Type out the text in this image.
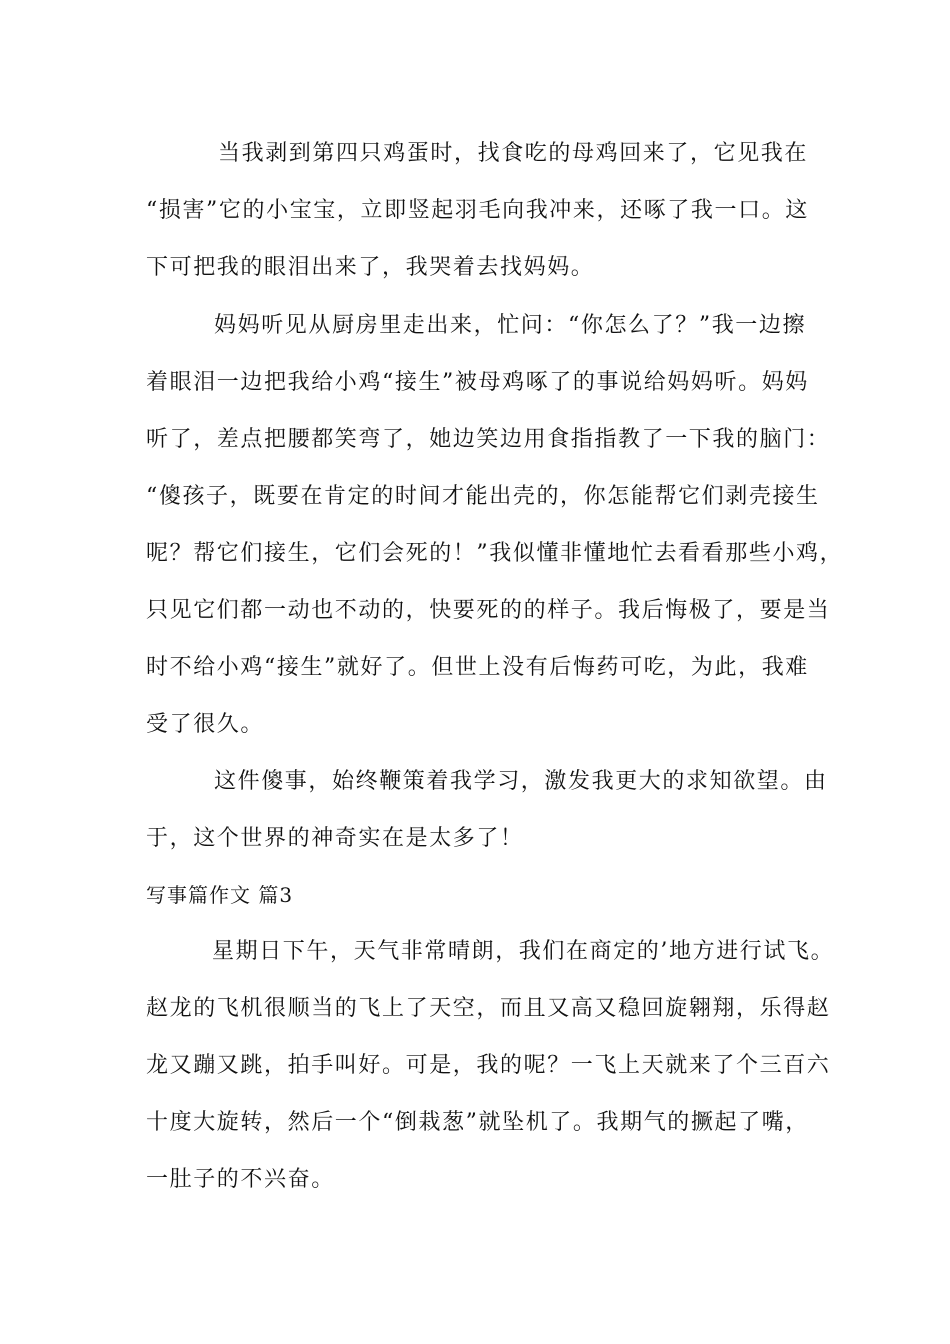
当我剥到第四只鸡蛋时，找食吃的母鸡回来了，它见我在
“损害”它的小宝宝，立即竖起羽毛向我冲来，还啄了我一口。这
下可把我的眼泪出来了，我哭着去找妈妈。
妈妈听见从厨房里走出来，忙问：“你怎么了？”我一边擦
着眼泪一边把我给小鸡“接生”被母鸡啄了的事说给妈妈听。妈妈
听了，差点把腰都笑弯了，她边笑边用食指指教了一下我的脑门：
“傻孩子，既要在肯定的时间才能出壳的，你怎能帮它们剥壳接生
呢？帮它们接生，它们会死的！”我似懂非懂地忙去看看那些小鸡，
只见它们都一动也不动的，快要死的的样子。我后悔极了，要是当
时不给小鸡“接生”就好了。但世上没有后悔药可吃，为此，我难
受了很久。
这件傻事，始终鞭策着我学习，激发我更大的求知欲望。由
于，这个世界的神奇实在是太多了！
写事篇作文 篇3
星期日下午，天气非常晴朗，我们在商定的’地方进行试飞。
赵龙的飞机很顺当的飞上了天空，而且又高又稳回旋翱翔，乐得赵
龙又蹦又跳，拍手叫好。可是，我的呢？一飞上天就来了个三百六
十度大旋转，然后一个“倒栽葱”就坠机了。我期气的撅起了嘴，
一肚子的不兴奋。
